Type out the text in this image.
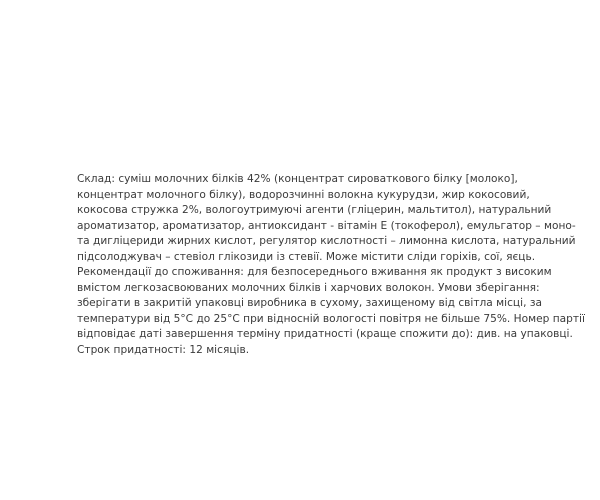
Склад: суміш молочних білків 42% (концентрат сироваткового білку [молоко],
концентрат молочного білку), водорозчинні волокна кукурудзи, жир кокосовий,
кокосова стружка 2%, вологоутримуючі агенти (гліцерин, мальтитол), натуральний
ароматизатор, ароматизатор, антиоксидант - вітамін Е (токоферол), емульгатор – моно-
та дигліцериди жирних кислот, регулятор кислотності – лимонна кислота, натуральний
підсолоджувач – стевіол глікозиди із стевії. Може містити сліди горіхів, сої, яєць.
Рекомендації до споживання: для безпосереднього вживання як продукт з високим
вмістом легкозасвоюваних молочних білків і харчових волокон. Умови зберігання:
зберігати в закритій упаковці виробника в сухому, захищеному від світла місці, за
температури від 5°С до 25°С при відносній вологості повітря не більше 75%. Номер партії
відповідає даті завершення терміну придатності (краще спожити до): див. на упаковці.
Строк придатності: 12 місяців.
